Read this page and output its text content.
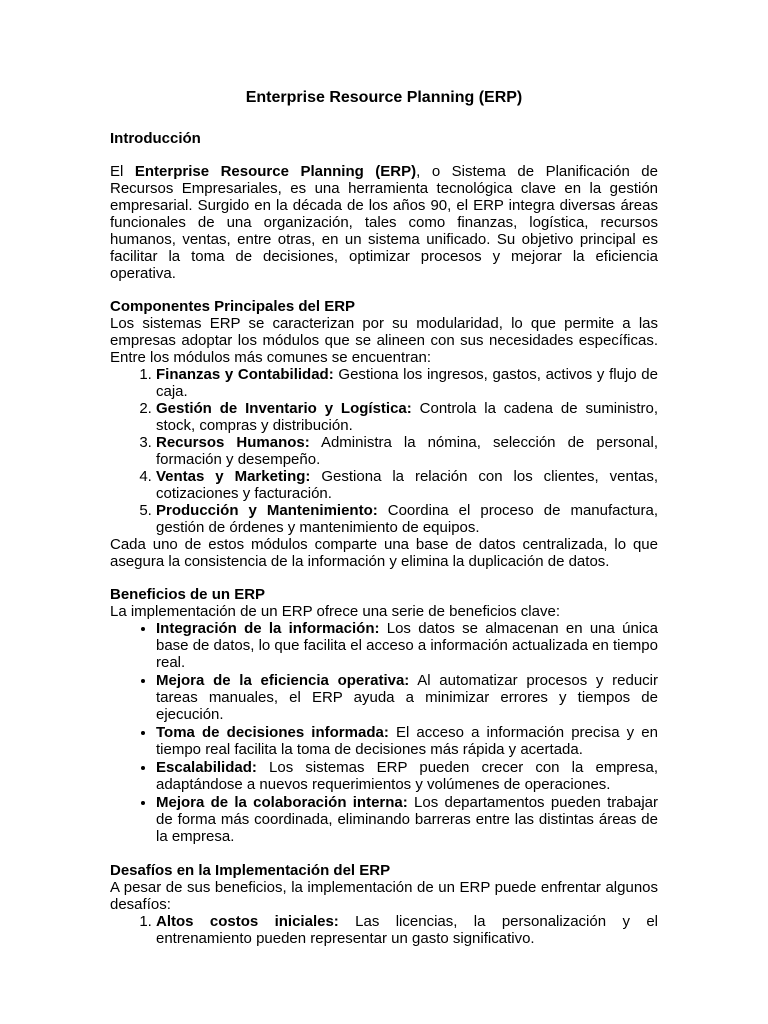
Enterprise Resource Planning (ERP)
Introducción

El Enterprise Resource Planning (ERP), o Sistema de Planificación de Recursos Empresariales, es una herramienta tecnológica clave en la gestión empresarial. Surgido en la década de los años 90, el ERP integra diversas áreas funcionales de una organización, tales como finanzas, logística, recursos humanos, ventas, entre otras, en un sistema unificado. Su objetivo principal es facilitar la toma de decisiones, optimizar procesos y mejorar la eficiencia operativa.

Componentes Principales del ERP

Los sistemas ERP se caracterizan por su modularidad, lo que permite a las empresas adoptar los módulos que se alineen con sus necesidades específicas. Entre los módulos más comunes se encuentran:

1. Finanzas y Contabilidad: Gestiona los ingresos, gastos, activos y flujo de caja.
2. Gestión de Inventario y Logística: Controla la cadena de suministro, stock, compras y distribución.
3. Recursos Humanos: Administra la nómina, selección de personal, formación y desempeño.
4. Ventas y Marketing: Gestiona la relación con los clientes, ventas, cotizaciones y facturación.
5. Producción y Mantenimiento: Coordina el proceso de manufactura, gestión de órdenes y mantenimiento de equipos.

Cada uno de estos módulos comparte una base de datos centralizada, lo que asegura la consistencia de la información y elimina la duplicación de datos.

Beneficios de un ERP

La implementación de un ERP ofrece una serie de beneficios clave:

• Integración de la información: Los datos se almacenan en una única base de datos, lo que facilita el acceso a información actualizada en tiempo real.
• Mejora de la eficiencia operativa: Al automatizar procesos y reducir tareas manuales, el ERP ayuda a minimizar errores y tiempos de ejecución.
• Toma de decisiones informada: El acceso a información precisa y en tiempo real facilita la toma de decisiones más rápida y acertada.
• Escalabilidad: Los sistemas ERP pueden crecer con la empresa, adaptándose a nuevos requerimientos y volúmenes de operaciones.
• Mejora de la colaboración interna: Los departamentos pueden trabajar de forma más coordinada, eliminando barreras entre las distintas áreas de la empresa.
Desafíos en la Implementación del ERP

A pesar de sus beneficios, la implementación de un ERP puede enfrentar algunos desafíos:

1. Altos costos iniciales: Las licencias, la personalización y el entrenamiento pueden representar un gasto significativo.
